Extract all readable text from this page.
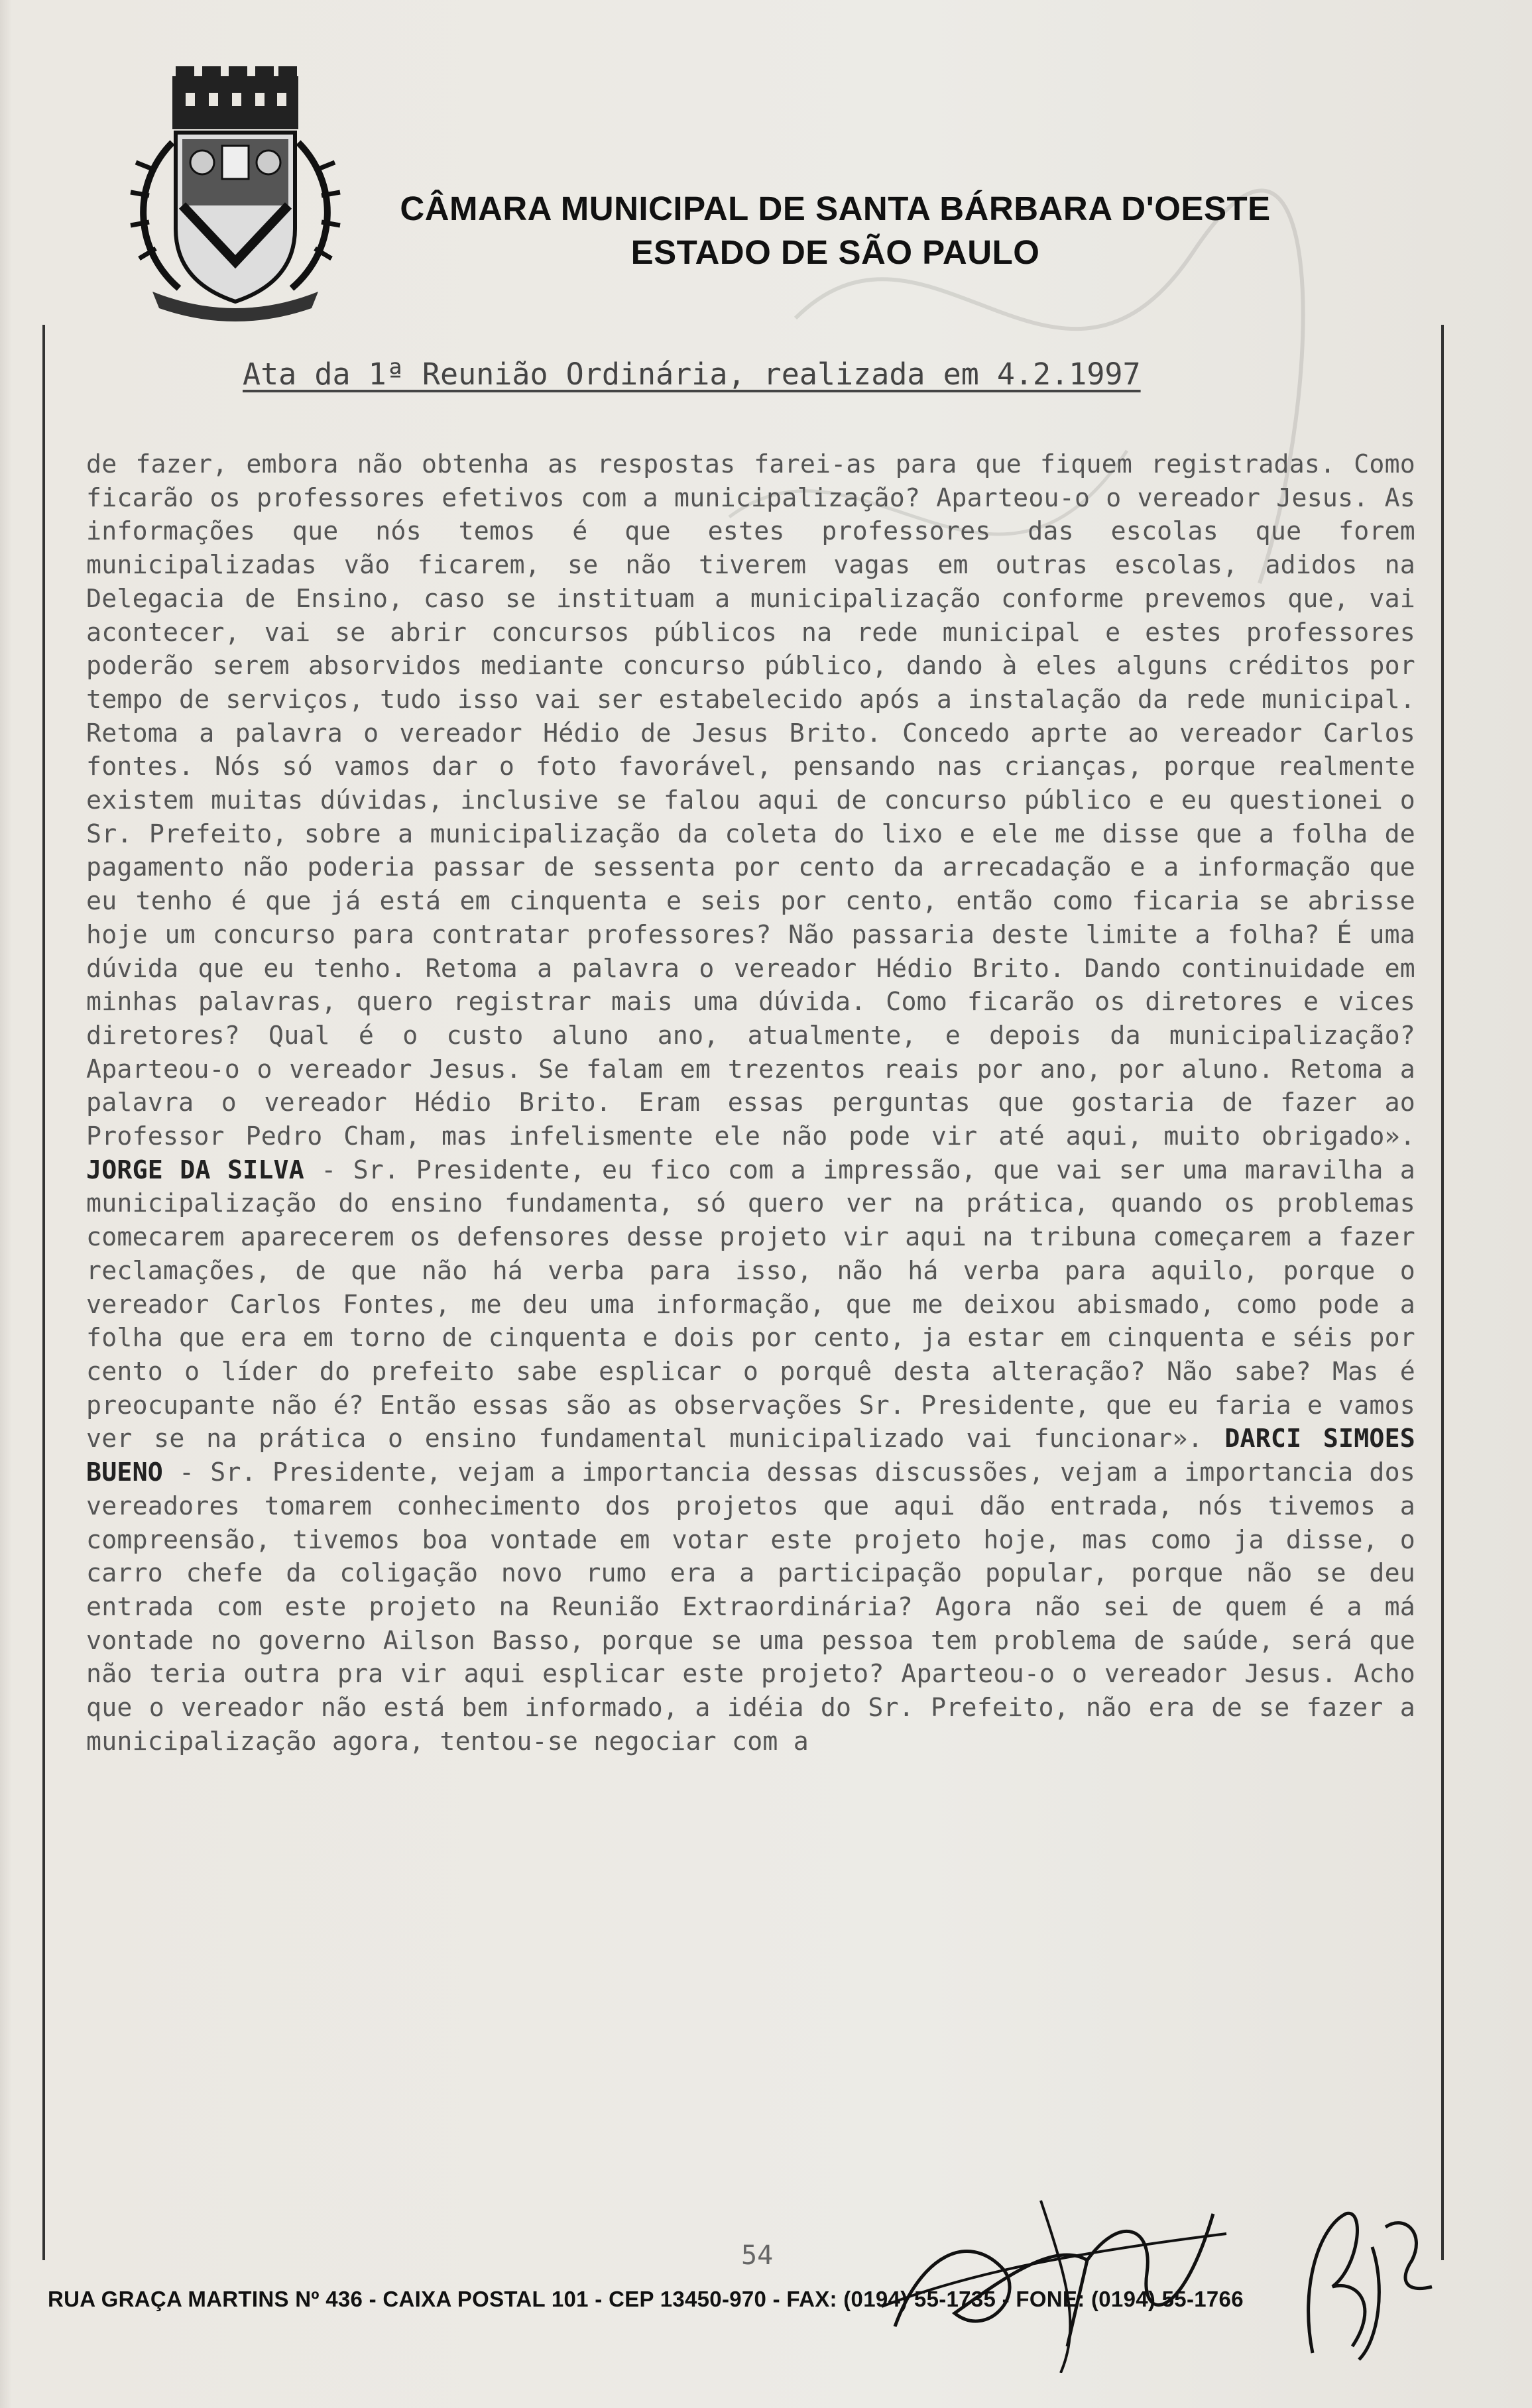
CÂMARA MUNICIPAL DE SANTA BÁRBARA D'OESTE
ESTADO DE SÃO PAULO
Ata da 1ª Reunião Ordinária, realizada em 4.2.1997
de fazer, embora não obtenha as respostas farei-as para que fiquem registradas. Como ficarão os professores efetivos com a municipalização? Aparteou-o o vereador Jesus. As informações que nós temos é que estes professores das escolas que forem municipalizadas vão ficarem, se não tiverem vagas em outras escolas, adidos na Delegacia de Ensino, caso se instituam a municipalização conforme prevemos que, vai acontecer, vai se abrir concursos públicos na rede municipal e estes professores poderão serem absorvidos mediante concurso público, dando à eles alguns créditos por tempo de serviços, tudo isso vai ser estabelecido após a instalação da rede municipal. Retoma a palavra o vereador Hédio de Jesus Brito. Concedo aprte ao vereador Carlos fontes. Nós só vamos dar o foto favorável, pensando nas crianças, porque realmente existem muitas dúvidas, inclusive se falou aqui de concurso público e eu questionei o Sr. Prefeito, sobre a municipalização da coleta do lixo e ele me disse que a folha de pagamento não poderia passar de sessenta por cento da arrecadação e a informação que eu tenho é que já está em cinquenta e seis por cento, então como ficaria se abrisse hoje um concurso para contratar professores? Não passaria deste limite a folha? É uma dúvida que eu tenho. Retoma a palavra o vereador Hédio Brito. Dando continuidade em minhas palavras, quero registrar mais uma dúvida. Como ficarão os diretores e vices diretores? Qual é o custo aluno ano, atualmente, e depois da municipalização? Aparteou-o o vereador Jesus. Se falam em trezentos reais por ano, por aluno. Retoma a palavra o vereador Hédio Brito. Eram essas perguntas que gostaria de fazer ao Professor Pedro Cham, mas infelismente ele não pode vir até aqui, muito obrigado». JORGE DA SILVA - Sr. Presidente, eu fico com a impressão, que vai ser uma maravilha a municipalização do ensino fundamenta, só quero ver na prática, quando os problemas comecarem aparecerem os defensores desse projeto vir aqui na tribuna começarem a fazer reclamações, de que não há verba para isso, não há verba para aquilo, porque o vereador Carlos Fontes, me deu uma informação, que me deixou abismado, como pode a folha que era em torno de cinquenta e dois por cento, ja estar em cinquenta e séis por cento o líder do prefeito sabe esplicar o porquê desta alteração? Não sabe? Mas é preocupante não é? Então essas são as observações Sr. Presidente, que eu faria e vamos ver se na prática o ensino fundamental municipalizado vai funcionar». DARCI SIMOES BUENO - Sr. Presidente, vejam a importancia dessas discussões, vejam a importancia dos vereadores tomarem conhecimento dos projetos que aqui dão entrada, nós tivemos a compreensão, tivemos boa vontade em votar este projeto hoje, mas como ja disse, o carro chefe da coligação novo rumo era a participação popular, porque não se deu entrada com este projeto na Reunião Extraordinária? Agora não sei de quem é a má vontade no governo Ailson Basso, porque se uma pessoa tem problema de saúde, será que não teria outra pra vir aqui esplicar este projeto? Aparteou-o o vereador Jesus. Acho que o vereador não está bem informado, a idéia do Sr. Prefeito, não era de se fazer a municipalização agora, tentou-se negociar com a
54
RUA GRAÇA MARTINS Nº 436 - CAIXA POSTAL 101 - CEP 13450-970 - FAX: (0194) 55-1735 - FONE: (0194) 55-1766
